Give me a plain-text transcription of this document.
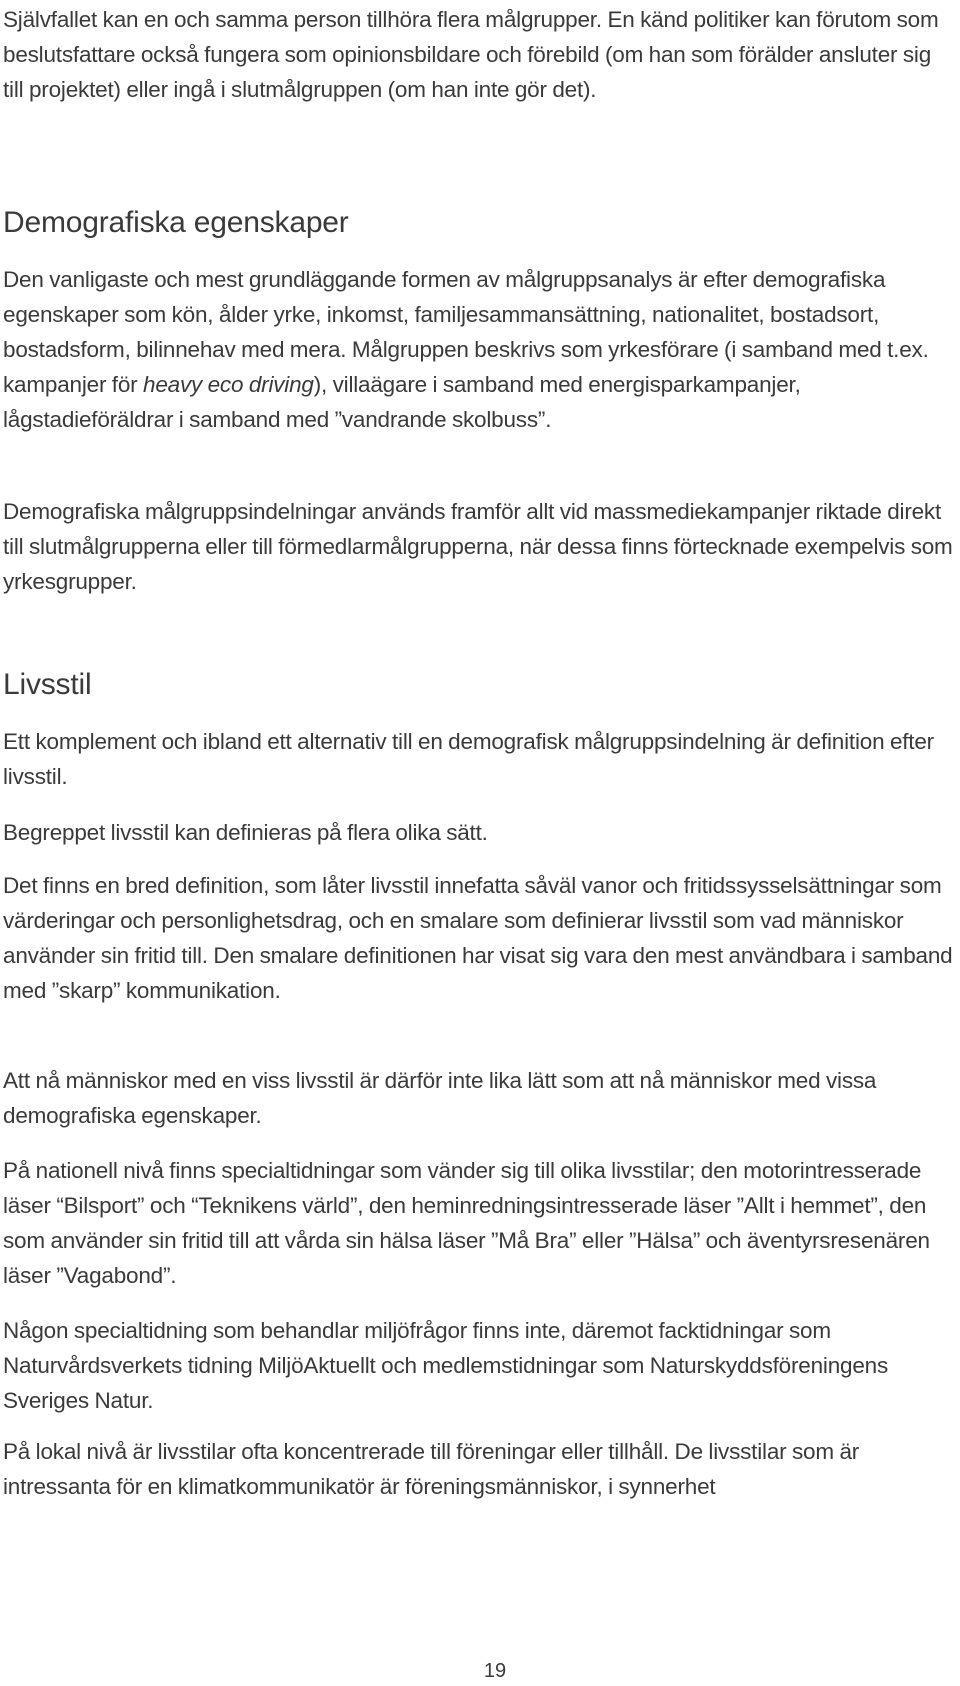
Självfallet kan en och samma person tillhöra flera målgrupper. En känd politiker kan förutom som beslutsfattare också fungera som opinionsbildare och förebild (om han som förälder ansluter sig till projektet) eller ingå i slutmålgruppen (om han inte gör det).

Demografiska egenskaper

Den vanligaste och mest grundläggande formen av målgruppsanalys är efter demografiska egenskaper som kön, ålder yrke, inkomst, familjesammansättning, nationalitet, bostadsort, bostadsform, bilinnehav med mera. Målgruppen beskrivs som yrkesförare (i samband med t.ex. kampanjer för heavy eco driving), villaägare i samband med energisparkampanjer, lågstadieföräldrar i samband med ”vandrande skolbuss”.

Demografiska målgruppsindelningar används framför allt vid massmediekampanjer riktade direkt till slutmålgrupperna eller till förmedlarmålgrupperna, när dessa finns förtecknade exempelvis som yrkesgrupper.

Livsstil

Ett komplement och ibland ett alternativ till en demografisk målgruppsindelning är definition efter livsstil.

Begreppet livsstil kan definieras på flera olika sätt.

Det finns en bred definition, som låter livsstil innefatta såväl vanor och fritidssysselsättningar som värderingar och personlighetsdrag, och en smalare som definierar livsstil som vad människor använder sin fritid till. Den smalare definitionen har visat sig vara den mest användbara i samband med ”skarp” kommunikation.

Att nå människor med en viss livsstil är därför inte lika lätt som att nå människor med vissa demografiska egenskaper.

På nationell nivå finns specialtidningar som vänder sig till olika livsstilar; den motorintresserade läser “Bilsport” och “Teknikens värld”, den heminredningsintresserade läser ”Allt i hemmet”, den som använder sin fritid till att vårda sin hälsa läser ”Må Bra” eller ”Hälsa” och äventyrsresenären läser ”Vagabond”.

Någon specialtidning som behandlar miljöfrågor finns inte, däremot facktidningar som Naturvårdsverkets tidning MiljöAktuellt och medlemstidningar som Naturskyddsföreningens Sveriges Natur.

På lokal nivå är livsstilar ofta koncentrerade till föreningar eller tillhåll. De livsstilar som är intressanta för en klimatkommunikatör är föreningsmänniskor, i synnerhet

19
